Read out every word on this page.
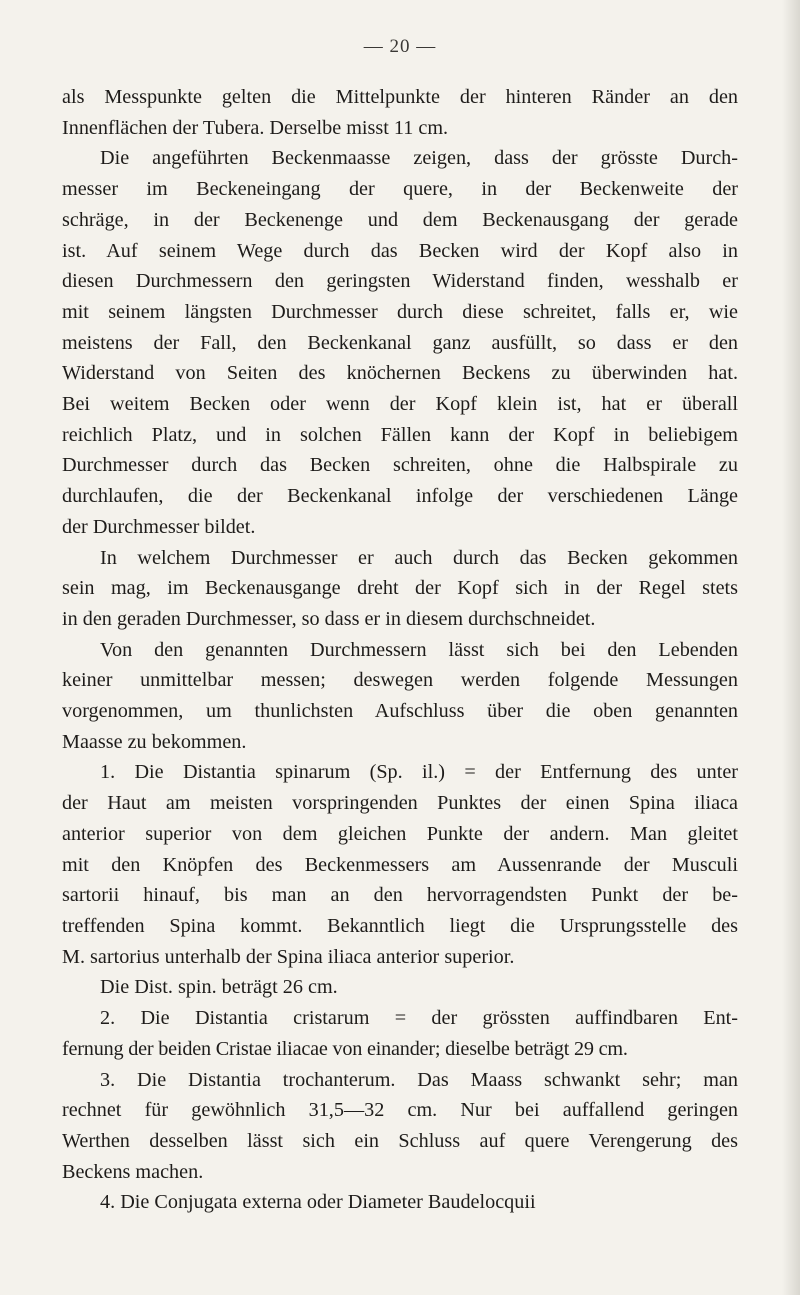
— 20 —

als Messpunkte gelten die Mittelpunkte der hinteren Ränder an den
Innenflächen der Tubera. Derselbe misst 11 cm.

Die angeführten Beckenmaasse zeigen, dass der grösste Durch-
messer im Beckeneingang der quere, in der Beckenweite der
schräge, in der Beckenenge und dem Beckenausgang der gerade
ist. Auf seinem Wege durch das Becken wird der Kopf also in
diesen Durchmessern den geringsten Widerstand finden, wesshalb er
mit seinem längsten Durchmesser durch diese schreitet, falls er, wie
meistens der Fall, den Beckenkanal ganz ausfüllt, so dass er den
Widerstand von Seiten des knöchernen Beckens zu überwinden hat.
Bei weitem Becken oder wenn der Kopf klein ist, hat er überall
reichlich Platz, und in solchen Fällen kann der Kopf in beliebigem
Durchmesser durch das Becken schreiten, ohne die Halbspirale zu
durchlaufen, die der Beckenkanal infolge der verschiedenen Länge
der Durchmesser bildet.

In welchem Durchmesser er auch durch das Becken gekommen
sein mag, im Beckenausgange dreht der Kopf sich in der Regel stets
in den geraden Durchmesser, so dass er in diesem durchschneidet.

Von den genannten Durchmessern lässt sich bei den Lebenden
keiner unmittelbar messen; deswegen werden folgende Messungen
vorgenommen, um thunlichsten Aufschluss über die oben genannten
Maasse zu bekommen.

1. Die Distantia spinarum (Sp. il.) = der Entfernung des unter
der Haut am meisten vorspringenden Punktes der einen Spina iliaca
anterior superior von dem gleichen Punkte der andern. Man gleitet
mit den Knöpfen des Beckenmessers am Aussenrande der Musculi
sartorii hinauf, bis man an den hervorragendsten Punkt der be-
treffenden Spina kommt. Bekanntlich liegt die Ursprungsstelle des
M. sartorius unterhalb der Spina iliaca anterior superior.

Die Dist. spin. beträgt 26 cm.

2. Die Distantia cristarum = der grössten auffindbaren Ent-
fernung der beiden Cristae iliacae von einander; dieselbe beträgt 29 cm.

3. Die Distantia trochanterum. Das Maass schwankt sehr; man
rechnet für gewöhnlich 31,5—32 cm. Nur bei auffallend geringen
Werthen desselben lässt sich ein Schluss auf quere Verengerung des
Beckens machen.

4. Die Conjugata externa oder Diameter Baudelocquii
